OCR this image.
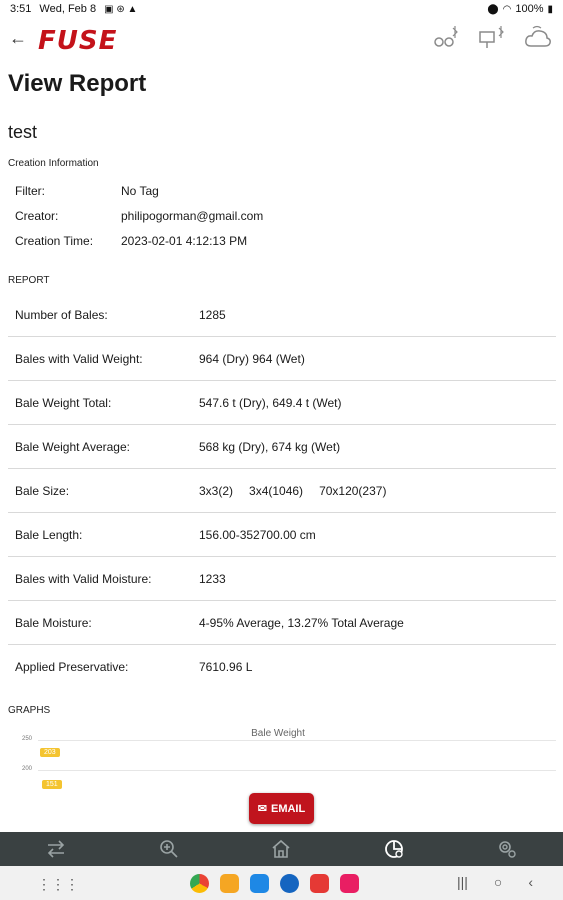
3:51 Wed, Feb 8 ▣ ⊛ ▲	⬤ ◠ 100% ▮
← FUSE
View Report
test
Creation Information
Filter:	No Tag
Creator:	philipogorman@gmail.com
Creation Time:	2023-02-01 4:12:13 PM
REPORT
Number of Bales:	1285
Bales with Valid Weight:	964 (Dry) 964 (Wet)
Bale Weight Total:	547.6 t (Dry), 649.4 t (Wet)
Bale Weight Average:	568 kg (Dry), 674 kg (Wet)
Bale Size:	3x3(2) 3x4(1046) 70x120(237)
Bale Length:	156.00-352700.00 cm
Bales with Valid Moisture:	1233
Bale Moisture:	4-95% Average, 13.27% Total Average
Applied Preservative:	7610.96 L
GRAPHS
Bale Weight
250
203
200
151
✉ EMAIL
⋮⋮⋮	||| ○ ‹
